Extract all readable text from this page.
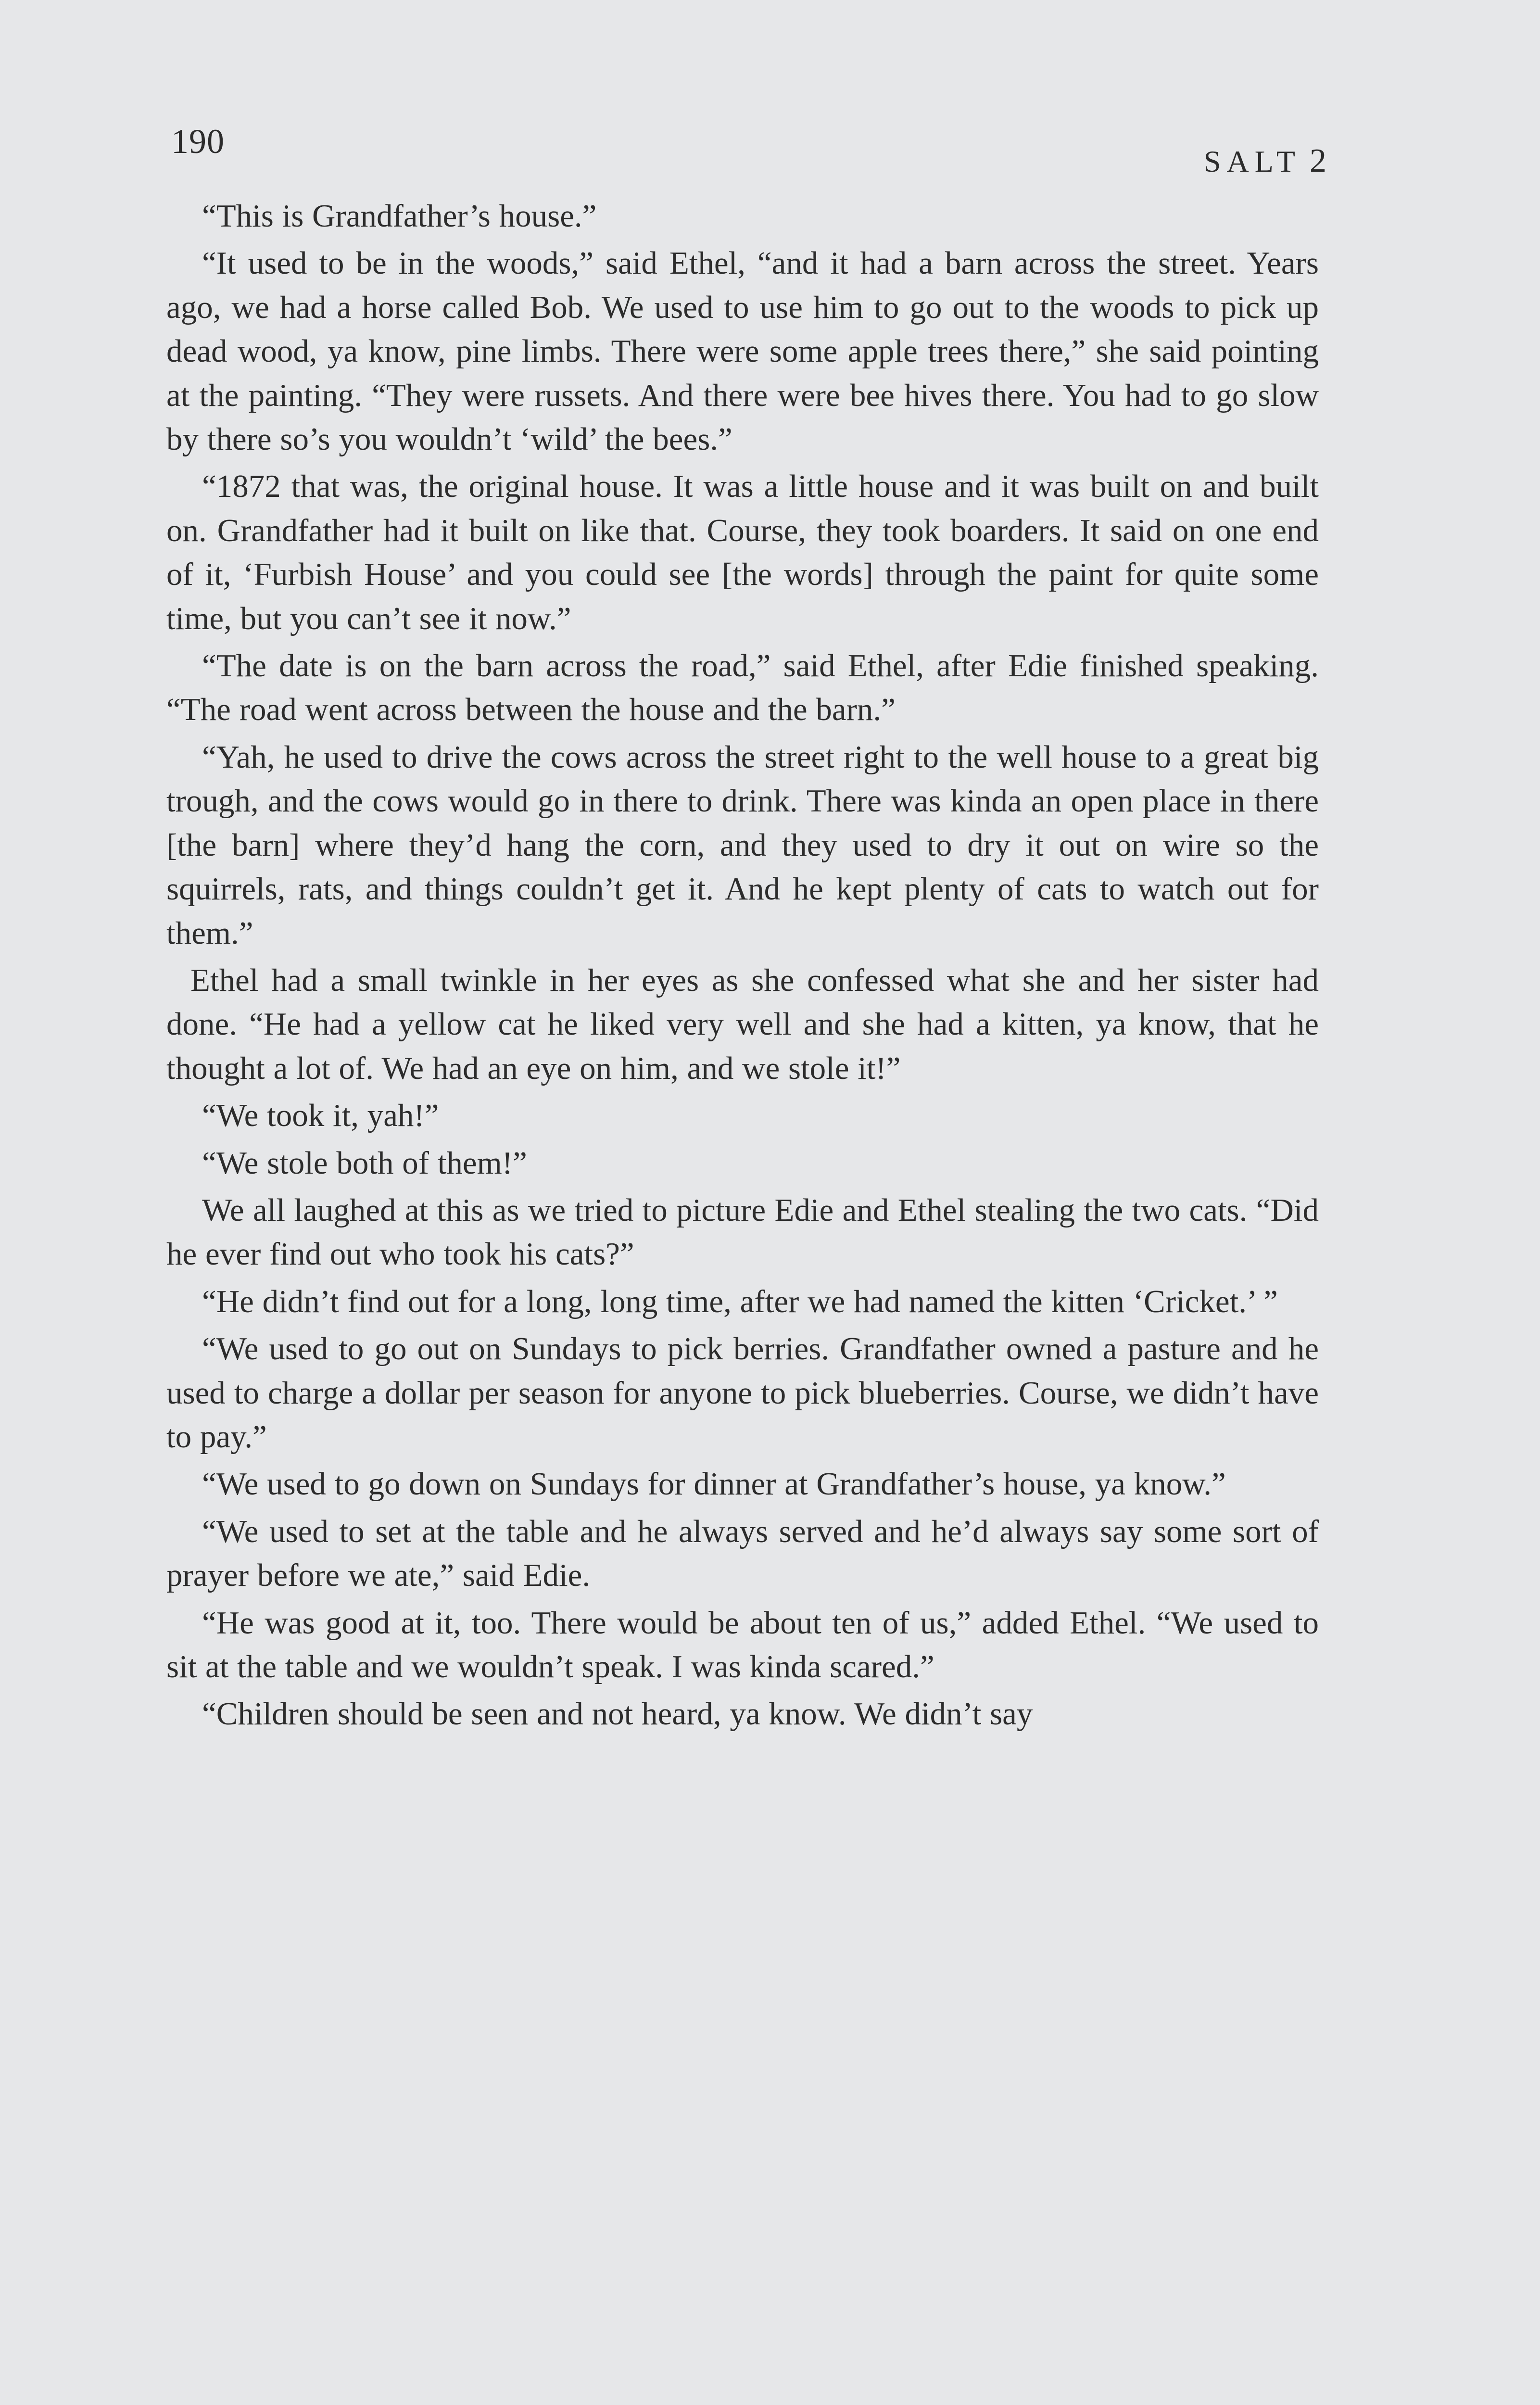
190
SALT 2

“This is Grandfather’s house.”

“It used to be in the woods,” said Ethel, “and it had a barn across the street. Years ago, we had a horse called Bob. We used to use him to go out to the woods to pick up dead wood, ya know, pine limbs. There were some apple trees there,” she said pointing at the painting. “They were russets. And there were bee hives there. You had to go slow by there so’s you wouldn’t ‘wild’ the bees.”

“1872 that was, the original house. It was a little house and it was built on and built on. Grandfather had it built on like that. Course, they took boarders. It said on one end of it, ‘Furbish House’ and you could see [the words] through the paint for quite some time, but you can’t see it now.”

“The date is on the barn across the road,” said Ethel, after Edie finished speaking. “The road went across between the house and the barn.”

“Yah, he used to drive the cows across the street right to the well house to a great big trough, and the cows would go in there to drink. There was kinda an open place in there [the barn] where they’d hang the corn, and they used to dry it out on wire so the squirrels, rats, and things couldn’t get it. And he kept plenty of cats to watch out for them.”

Ethel had a small twinkle in her eyes as she confessed what she and her sister had done. “He had a yellow cat he liked very well and she had a kitten, ya know, that he thought a lot of. We had an eye on him, and we stole it!”

“We took it, yah!”

“We stole both of them!”

We all laughed at this as we tried to picture Edie and Ethel stealing the two cats. “Did he ever find out who took his cats?”

“He didn’t find out for a long, long time, after we had named the kitten ‘Cricket.’ ”

“We used to go out on Sundays to pick berries. Grandfather owned a pasture and he used to charge a dollar per season for anyone to pick blueberries. Course, we didn’t have to pay.”

“We used to go down on Sundays for dinner at Grandfather’s house, ya know.”

“We used to set at the table and he always served and he’d always say some sort of prayer before we ate,” said Edie.

“He was good at it, too. There would be about ten of us,” added Ethel. “We used to sit at the table and we wouldn’t speak. I was kinda scared.”

“Children should be seen and not heard, ya know. We didn’t say
